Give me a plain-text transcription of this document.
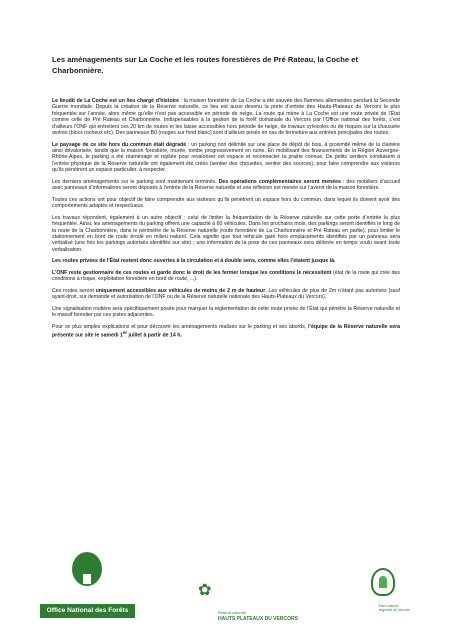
Les aménagements sur La Coche et les routes forestières de Pré Rateau, la Coche et
Charbonnière.

Le lieudit de La Coche est un lieu chargé d’histoire : la maison forestière de La Coche a été sauvée des flammes allemandes pendant la Seconde Guerre mondiale. Depuis la création de la Réserve naturelle, ce lieu est aussi devenu la porte d’entrée des Hauts-Plateaux du Vercors le plus fréquentée sur l’année, alors même qu’elle n’est pas accessible en période de neige. La route qui mène à La Coche est une route privée de l’État comme celle de Pré Rateau et Charbonnière. Indispensables à la gestion de la forêt domaniale du Vercors par l’Office national des forêts, c’est d’ailleurs l’ONF qui entretient ces 20 km de routes et les laisse accessibles hors période de neige, de travaux sylvicoles ou de risques sur la chaussée avérés (blocs rocheux etc). Des panneaux B0 (rouges sur fond blanc) sont d’ailleurs posés en cas de fermeture aux entrées principales des routes.

Le paysage de ce site hors du commun était dégradé : un parking non délimité sur une place de dépôt de bois, à proximité même de la clairière ainsi dévalorisée, tandis que la maison forestière, murée, tombe progressivement en ruine. En mobilisant des financements de la Région Auvergne-Rhône-Alpes, le parking a été réaménagé et repliée pour revaloriser cet espace et reconnecter la prairie connue. De petits sentiers conduisent à l’entrée physique de la Réserve naturelle ont également été créés (sentier des chouettes, sentier des sources), pour faire comprendre aux visiteurs qu’ils pénètrent un espace particulier, à respecter.

Les derniers aménagements sur le parking sont maintenant terminés. Des opérations complémentaires seront menées : des mobiliers d’accueil avec panneaux d’informations seront déposés à l’entrée de la Réserve naturelle et une réflexion est menée sur l’avenir de la maison forestière.

Toutes ces actions ont pour objectif de faire comprendre aux visiteurs qu’ils pénètrent un espace hors du commun, dans lequel ils doivent avoir des comportements adaptés et respectueux.

Les travaux répondent, également à un autre objectif : celui de limiter la fréquentation de la Réserve naturelle sur cette porte d’entrée la plus fréquentée. Ainsi, les aménagements du parking offrent une capacité à 60 véhicules. Dans les prochains mois, des parkings seront identifiés le long de la route de la Charbonnière, dans le périmètre de la Réserve naturelle (route forestière de La Charbonnière et Pré Rateau en partie), pour limiter le stationnement en bord de route érodé en milieu naturel. Cela signifie que tout véhicule garé hors emplacements identifiés par un panneau sera verbalisé (une fois les parkings autorisés identifiés sur site) ; une information de la pose de ces panneaux sera délivrée en temps voulu avant toute verbalisation.

Les routes privées de l’État restent donc ouvertes à la circulation et à double sens, comme elles l’étaient jusque là.

L’ONF reste gestionnaire de ces routes et garde donc le droit de les fermer lorsque les conditions le nécessitent (état de la route qui crée des conditions à risque, exploitation forestière en bord de route, ...).

Ces routes seront uniquement accessibles aux véhicules de moins de 2 m de hauteur. Les véhicules de plus de 2m n’étant pas autorisés (sauf ayant-droit, sur demande et autorisation de l’ONF ou de la Réserve naturelle nationale des Hauts-Plateaux du Vercors).

Une signalisation routière sera spécifiquement posée pour marquer la réglementation de cette route privée de l’État qui pénètre la Réserve naturelle et le massif forestier par ces pistes adjacentes.

Pour ce plus amples explications et pour découvrir les aménagements réalisés sur le parking et ses abords, l’équipe de la Réserve naturelle sera présente sur site le samedi 1er juillet à partir de 14 h.

Office National des Forêts
✿
Réserve naturelle
HAUTS PLATEAUX DU VERCORS
Parc naturel régional du Vercors
